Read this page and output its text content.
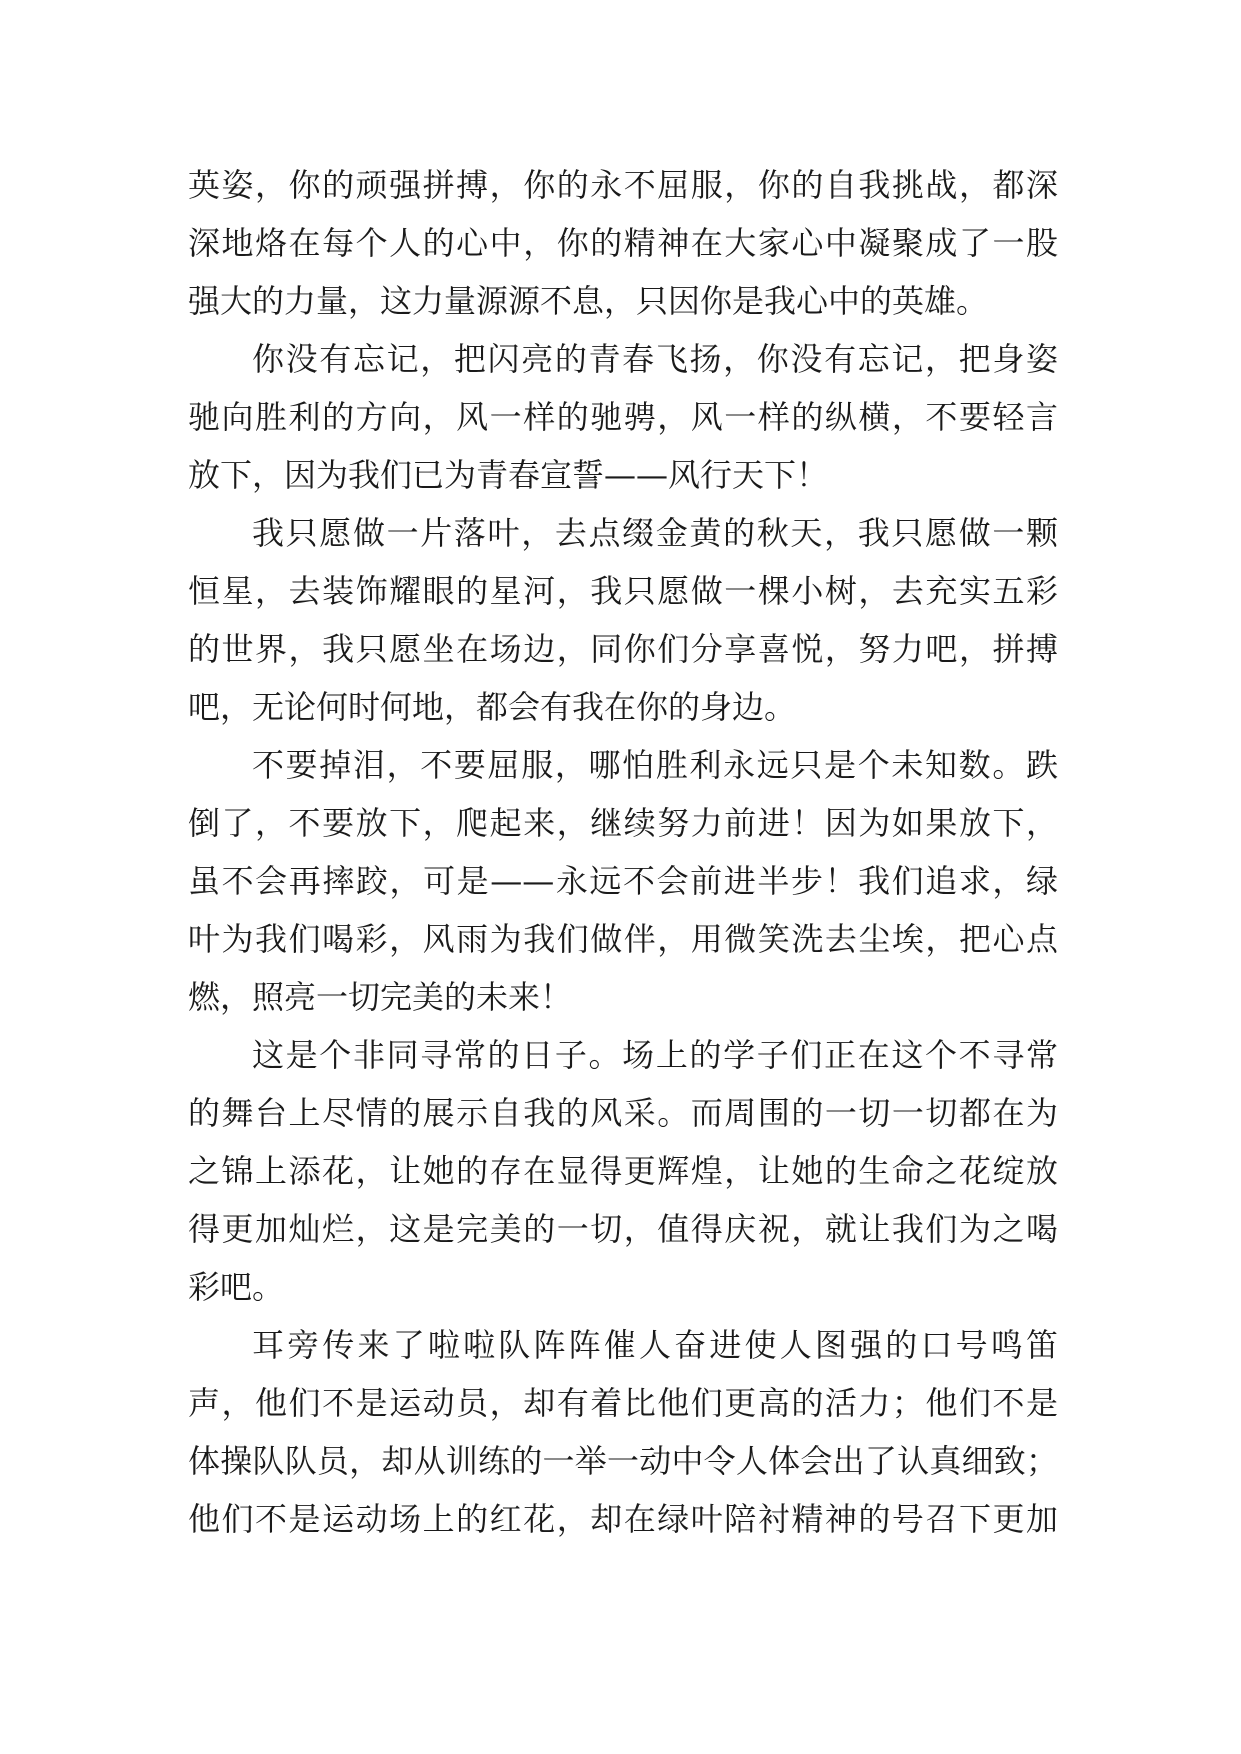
英姿，你的顽强拼搏，你的永不屈服，你的自我挑战，都深
深地烙在每个人的心中，你的精神在大家心中凝聚成了一股
强大的力量，这力量源源不息，只因你是我心中的英雄。
你没有忘记，把闪亮的青春飞扬，你没有忘记，把身姿
驰向胜利的方向，风一样的驰骋，风一样的纵横，不要轻言
放下，因为我们已为青春宣誓——风行天下！
我只愿做一片落叶，去点缀金黄的秋天，我只愿做一颗
恒星，去装饰耀眼的星河，我只愿做一棵小树，去充实五彩
的世界，我只愿坐在场边，同你们分享喜悦，努力吧，拼搏
吧，无论何时何地，都会有我在你的身边。
不要掉泪，不要屈服，哪怕胜利永远只是个未知数。跌
倒了，不要放下，爬起来，继续努力前进！因为如果放下，
虽不会再摔跤，可是——永远不会前进半步！我们追求，绿
叶为我们喝彩，风雨为我们做伴，用微笑洗去尘埃，把心点
燃，照亮一切完美的未来！
这是个非同寻常的日子。场上的学子们正在这个不寻常
的舞台上尽情的展示自我的风采。而周围的一切一切都在为
之锦上添花，让她的存在显得更辉煌，让她的生命之花绽放
得更加灿烂，这是完美的一切，值得庆祝，就让我们为之喝
彩吧。
耳旁传来了啦啦队阵阵催人奋进使人图强的口号鸣笛
声，他们不是运动员，却有着比他们更高的活力；他们不是
体操队队员，却从训练的一举一动中令人体会出了认真细致；
他们不是运动场上的红花，却在绿叶陪衬精神的号召下更加
